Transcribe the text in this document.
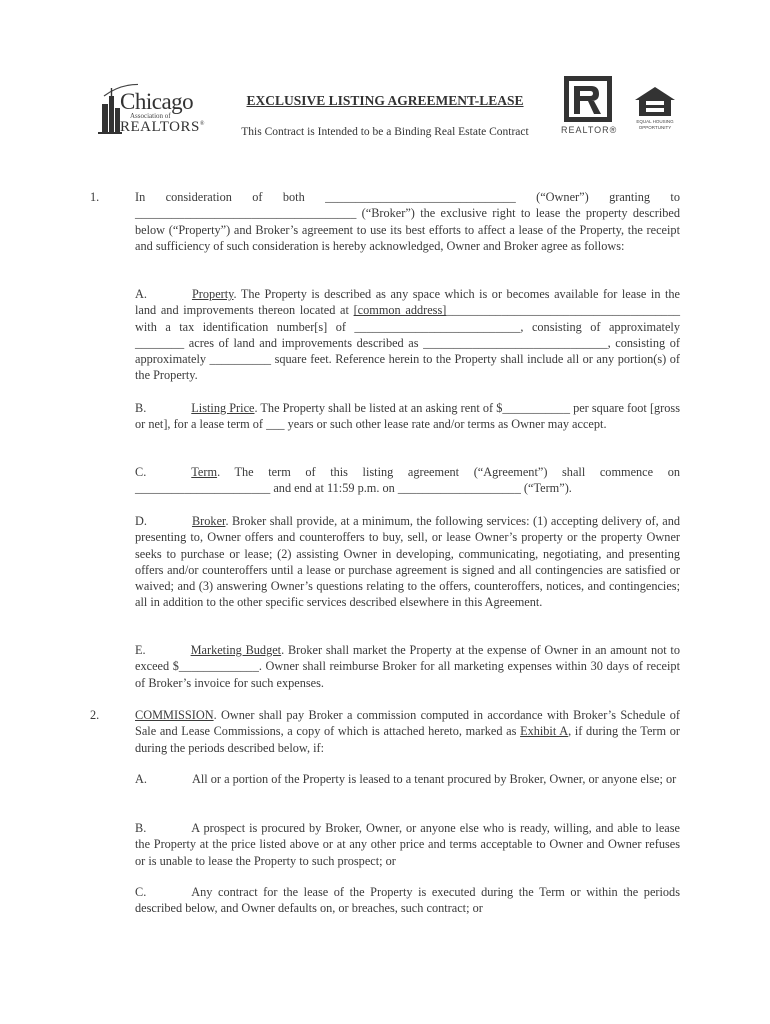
Chicago
Association of
REALTORS®
EXCLUSIVE LISTING AGREEMENT-LEASE
This Contract is Intended to be a Binding Real Estate Contract	REALTOR®
EQUAL HOUSING
OPPORTUNITY
1.	In consideration of both _______________________________ (“Owner”) granting to ____________________________________ (“Broker”) the exclusive right to lease the property described below (“Property”) and Broker’s agreement to use its best efforts to affect a lease of the Property, the receipt and sufficiency of such consideration is hereby acknowledged, Owner and Broker agree as follows:
A.	Property. The Property is described as any space which is or becomes available for lease in the land and improvements thereon located at [common address]______________________________________ with a tax identification number[s] of ___________________________, consisting of approximately ________ acres of land and improvements described as ______________________________, consisting of approximately __________ square feet. Reference herein to the Property shall include all or any portion(s) of the Property.
B.	Listing Price. The Property shall be listed at an asking rent of $___________ per square foot [gross or net], for a lease term of ___ years or such other lease rate and/or terms as Owner may accept.
C.	Term. The term of this listing agreement (“Agreement”) shall commence on ______________________ and end at 11:59 p.m. on ____________________ (“Term”).
D.	Broker. Broker shall provide, at a minimum, the following services: (1) accepting delivery of, and presenting to, Owner offers and counteroffers to buy, sell, or lease Owner’s property or the property Owner seeks to purchase or lease; (2) assisting Owner in developing, communicating, negotiating, and presenting offers and/or counteroffers until a lease or purchase agreement is signed and all contingencies are satisfied or waived; and (3) answering Owner’s questions relating to the offers, counteroffers, notices, and contingencies; all in addition to the other specific services described elsewhere in this Agreement.
E.	Marketing Budget. Broker shall market the Property at the expense of Owner in an amount not to exceed $_____________. Owner shall reimburse Broker for all marketing expenses within 30 days of receipt of Broker’s invoice for such expenses.
2.	COMMISSION. Owner shall pay Broker a commission computed in accordance with Broker’s Schedule of Sale and Lease Commissions, a copy of which is attached hereto, marked as Exhibit A, if during the Term or during the periods described below, if:
A.	All or a portion of the Property is leased to a tenant procured by Broker, Owner, or anyone else; or
B.	A prospect is procured by Broker, Owner, or anyone else who is ready, willing, and able to lease the Property at the price listed above or at any other price and terms acceptable to Owner and Owner refuses or is unable to lease the Property to such prospect; or
C.	Any contract for the lease of the Property is executed during the Term or within the periods described below, and Owner defaults on, or breaches, such contract; or
